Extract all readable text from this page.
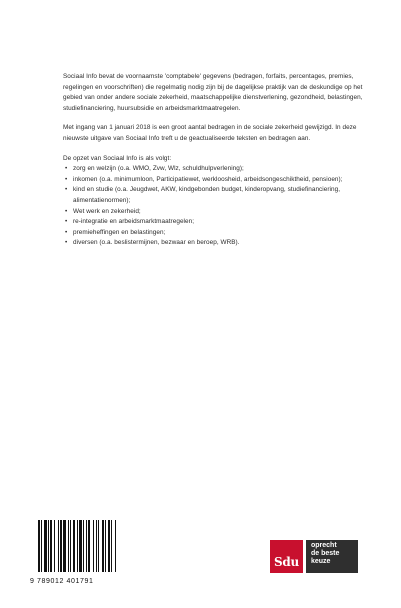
Sociaal Info bevat de voornaamste 'comptabele' gegevens (bedragen, forfaits, percentages, premies, regelingen en voorschriften) die regelmatig nodig zijn bij de dagelijkse praktijk van de deskundige op het gebied van onder andere sociale zekerheid, maatschappelijke dienstverlening, gezondheid, belastingen, studiefinanciering, huursubsidie en arbeidsmarktmaatregelen.

Met ingang van 1 januari 2018 is een groot aantal bedragen in de sociale zekerheid gewijzigd. In deze nieuwste uitgave van Sociaal Info treft u de geactualiseerde teksten en bedragen aan.

De opzet van Sociaal Info is als volgt:

• zorg en welzijn (o.a. WMO, Zvw, Wlz, schuldhulpverlening);
• inkomen (o.a. minimumloon, Participatiewet, werkloosheid, arbeidsongeschiktheid, pensioen);
• kind en studie (o.a. Jeugdwet, AKW, kindgebonden budget, kinderopvang, studiefinanciering, alimentatienormen);
• Wet werk en zekerheid;
• re-integratie en arbeidsmarktmaatregelen;
• premieheffingen en belastingen;
• diversen (o.a. beslistermijnen, bezwaar en beroep, WRB).
9 789012 401791
Sdu
oprecht
de beste
keuze
